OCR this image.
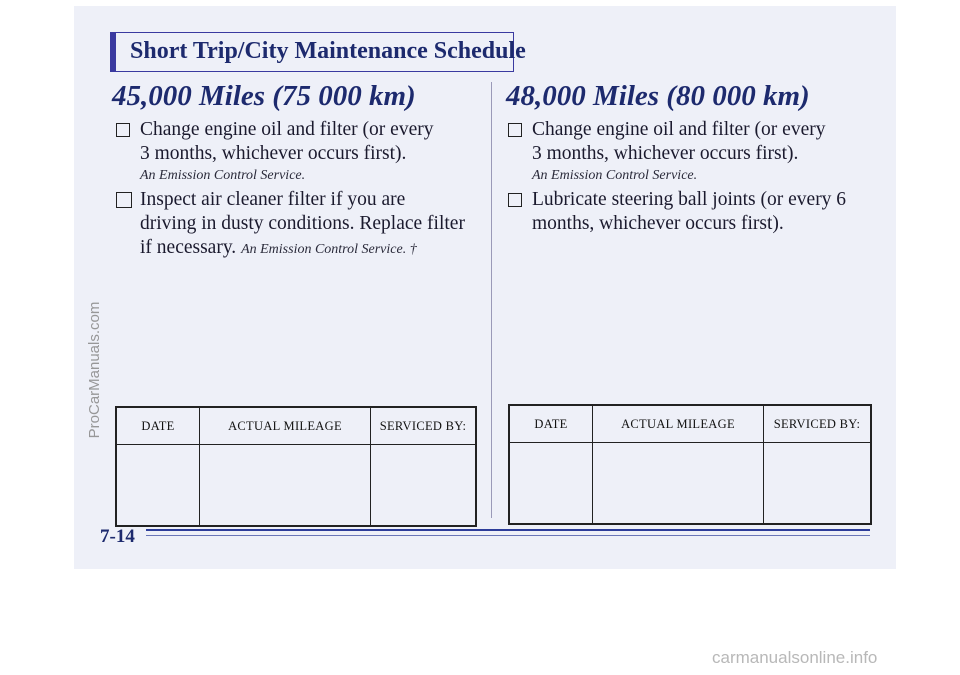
Short Trip/City Maintenance Schedule
45,000 Miles (75 000 km)
Change engine oil and filter (or every 3 months, whichever occurs first).
An Emission Control Service.
Inspect air cleaner filter if you are driving in dusty conditions. Replace filter if necessary. An Emission Control Service. †
DATE	ACTUAL MILEAGE	SERVICED BY:

48,000 Miles (80 000 km)
Change engine oil and filter (or every 3 months, whichever occurs first).
An Emission Control Service.
Lubricate steering ball joints (or every 6 months, whichever occurs first).
DATE	ACTUAL MILEAGE	SERVICED BY:

7-14
ProCarManuals.com
carmanualsonline.info
